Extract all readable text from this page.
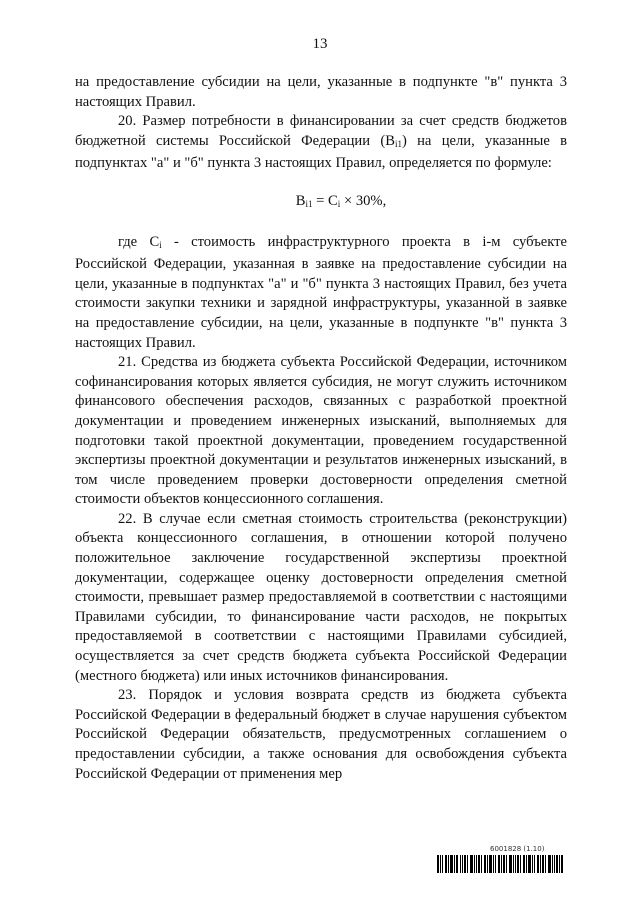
13

на предоставление субсидии на цели, указанные в подпункте "в" пункта 3 настоящих Правил.

20. Размер потребности в финансировании за счет средств бюджетов бюджетной системы Российской Федерации $(В_{i1})$ на цели, указанные в подпунктах "а" и "б" пункта 3 настоящих Правил, определяется по формуле:

$В_{i1} = С_i \times 30\%$,

где $С_i$ - стоимость инфраструктурного проекта в i-м субъекте Российской Федерации, указанная в заявке на предоставление субсидии на цели, указанные в подпунктах "а" и "б" пункта 3 настоящих Правил, без учета стоимости закупки техники и зарядной инфраструктуры, указанной в заявке на предоставление субсидии, на цели, указанные в подпункте "в" пункта 3 настоящих Правил.

21. Средства из бюджета субъекта Российской Федерации, источником софинансирования которых является субсидия, не могут служить источником финансового обеспечения расходов, связанных с разработкой проектной документации и проведением инженерных изысканий, выполняемых для подготовки такой проектной документации, проведением государственной экспертизы проектной документации и результатов инженерных изысканий, в том числе проведением проверки достоверности определения сметной стоимости объектов концессионного соглашения.

22. В случае если сметная стоимость строительства (реконструкции) объекта концессионного соглашения, в отношении которой получено положительное заключение государственной экспертизы проектной документации, содержащее оценку достоверности определения сметной стоимости, превышает размер предоставляемой в соответствии с настоящими Правилами субсидии, то финансирование части расходов, не покрытых предоставляемой в соответствии с настоящими Правилами субсидией, осуществляется за счет средств бюджета субъекта Российской Федерации (местного бюджета) или иных источников финансирования.

23. Порядок и условия возврата средств из бюджета субъекта Российской Федерации в федеральный бюджет в случае нарушения субъектом Российской Федерации обязательств, предусмотренных соглашением о предоставлении субсидии, а также основания для освобождения субъекта Российской Федерации от применения мер

6001828 (1.10)
